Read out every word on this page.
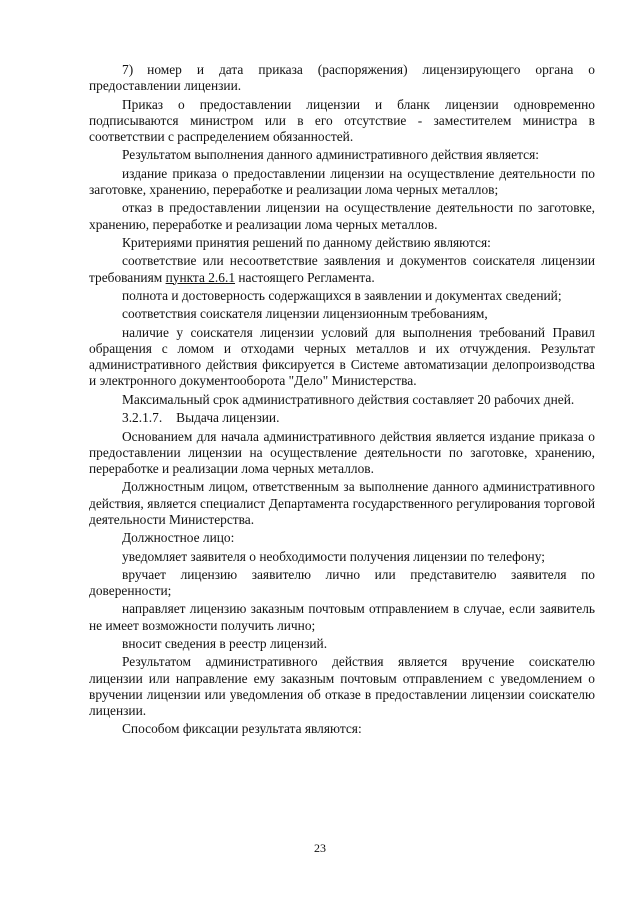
7) номер и дата приказа (распоряжения) лицензирующего органа о предоставлении лицензии.

Приказ о предоставлении лицензии и бланк лицензии одновременно подписываются министром или в его отсутствие - заместителем министра в соответствии с распределением обязанностей.

Результатом выполнения данного административного действия является:

издание приказа о предоставлении лицензии на осуществление деятельности по заготовке, хранению, переработке и реализации лома черных металлов;

отказ в предоставлении лицензии на осуществление деятельности по заготовке, хранению, переработке и реализации лома черных металлов.

Критериями принятия решений по данному действию являются:

соответствие или несоответствие заявления и документов соискателя лицензии требованиям пункта 2.6.1 настоящего Регламента.

полнота и достоверность содержащихся в заявлении и документах сведений;

соответствия соискателя лицензии лицензионным требованиям,

наличие у соискателя лицензии условий для выполнения требований Правил обращения с ломом и отходами черных металлов и их отчуждения. Результат административного действия фиксируется в Системе автоматизации делопроизводства и электронного документооборота "Дело" Министерства.

Максимальный срок административного действия составляет 20 рабочих дней.

3.2.1.7. Выдача лицензии.

Основанием для начала административного действия является издание приказа о предоставлении лицензии на осуществление деятельности по заготовке, хранению, переработке и реализации лома черных металлов.

Должностным лицом, ответственным за выполнение данного административного действия, является специалист Департамента государственного регулирования торговой деятельности Министерства.

Должностное лицо:

уведомляет заявителя о необходимости получения лицензии по телефону;

вручает лицензию заявителю лично или представителю заявителя по доверенности;

направляет лицензию заказным почтовым отправлением в случае, если заявитель не имеет возможности получить лично;

вносит сведения в реестр лицензий.

Результатом административного действия является вручение соискателю лицензии или направление ему заказным почтовым отправлением с уведомлением о вручении лицензии или уведомления об отказе в предоставлении лицензии соискателю лицензии.

Способом фиксации результата являются:

23
